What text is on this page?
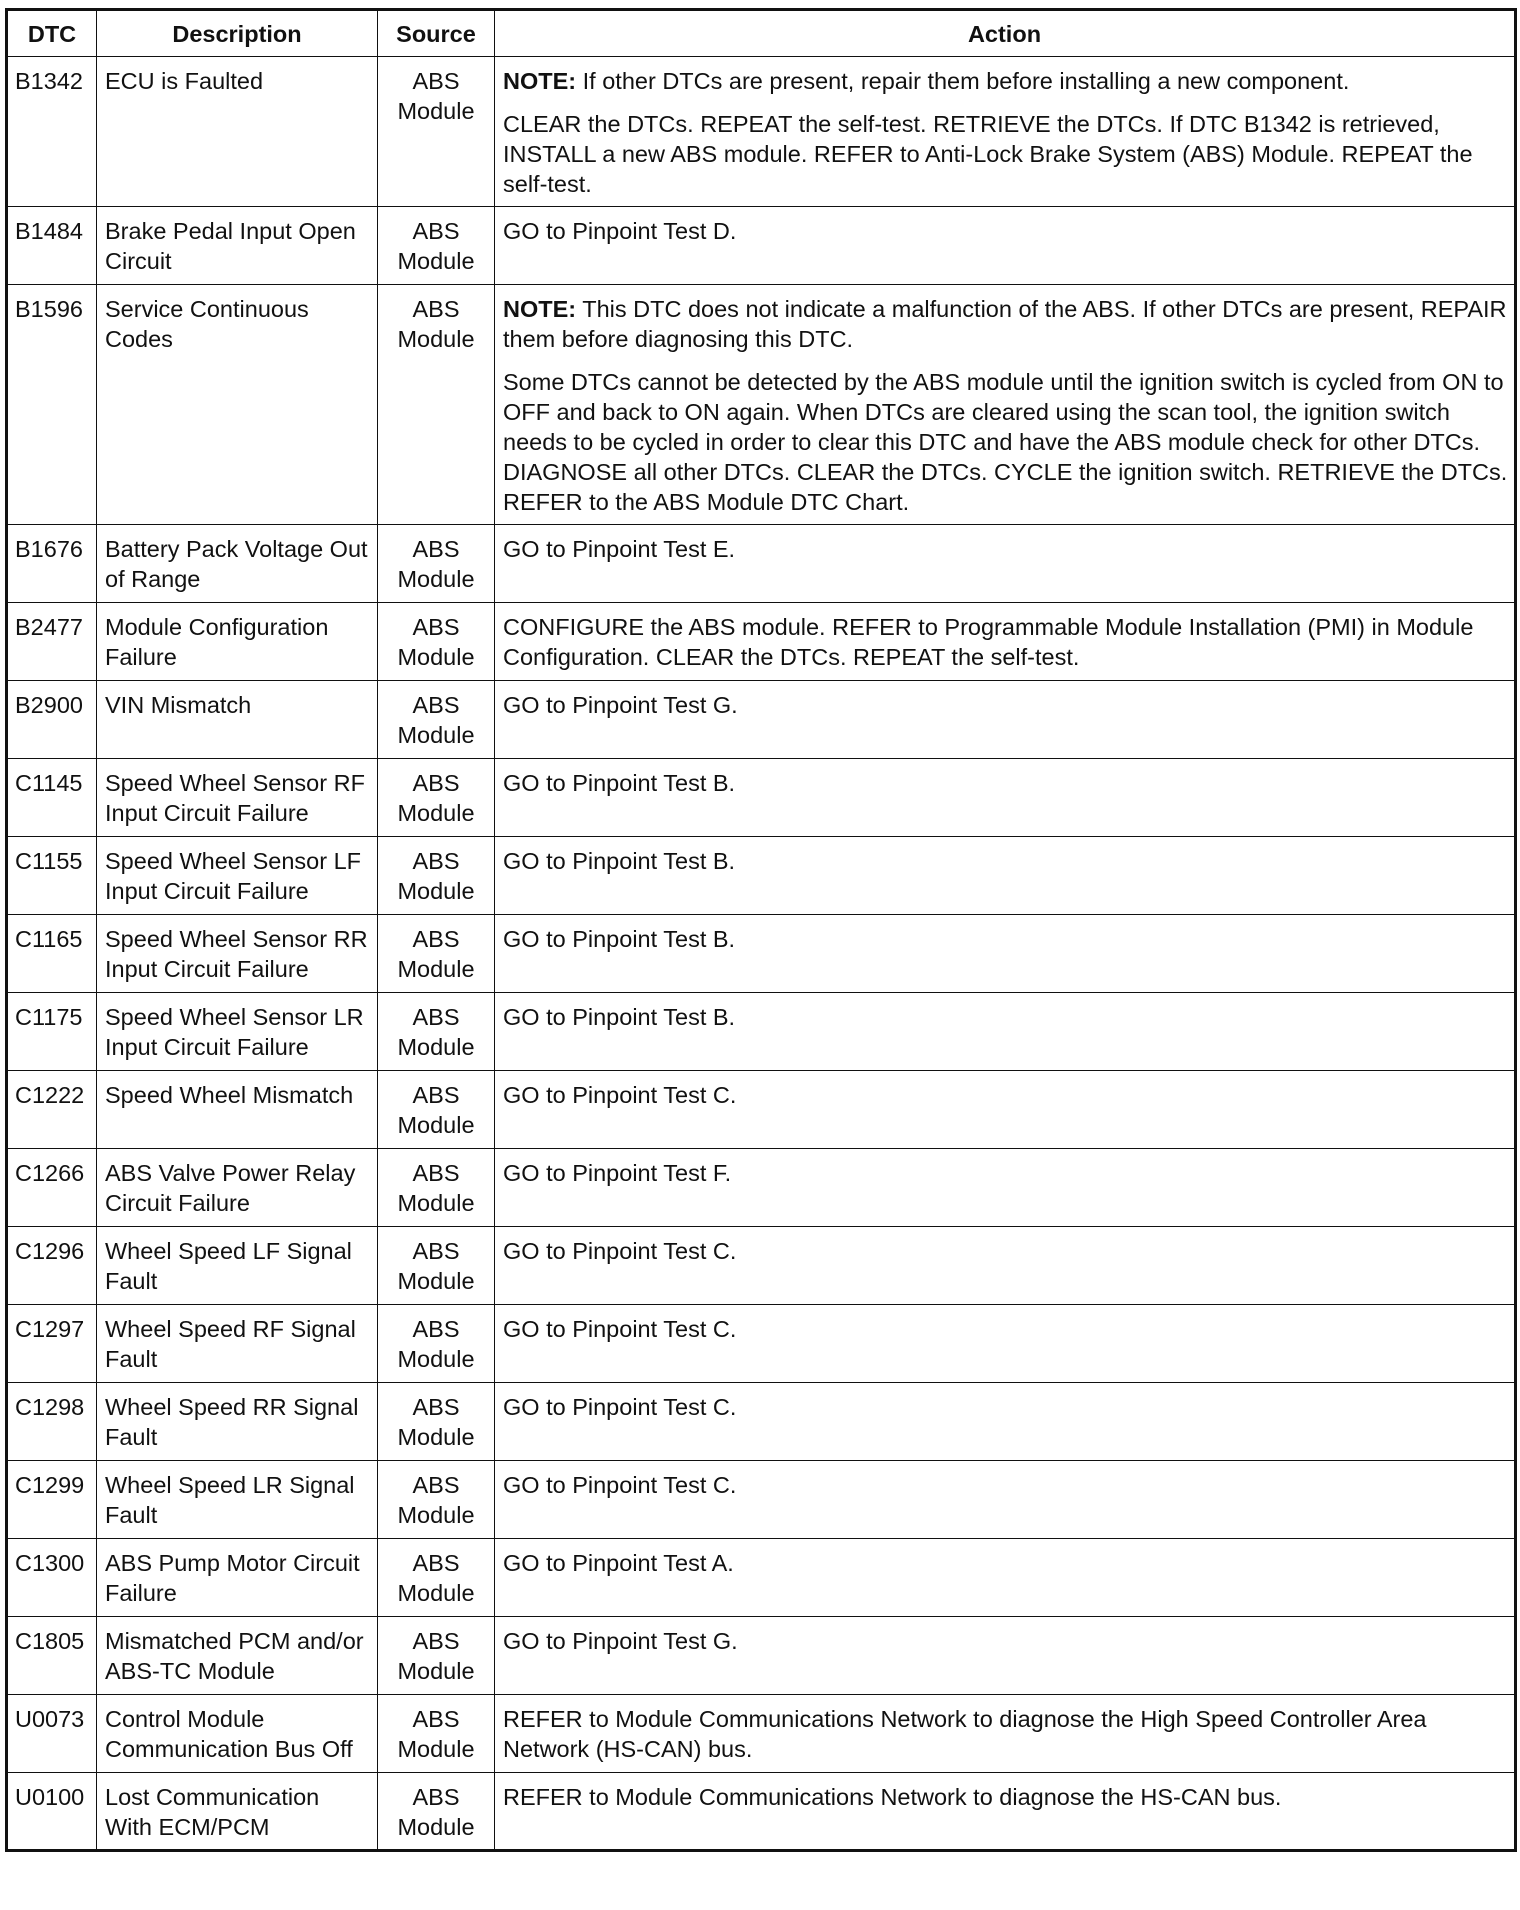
DTC	Description	Source	Action
B1342	ECU is Faulted	ABS Module	NOTE: If other DTCs are present, repair them before installing a new component.
CLEAR the DTCs. REPEAT the self-test. RETRIEVE the DTCs. If DTC B1342 is retrieved, INSTALL a new ABS module. REFER to Anti-Lock Brake System (ABS) Module. REPEAT the self-test.

B1484	Brake Pedal Input Open Circuit	ABS Module	GO to Pinpoint Test D.

B1596	Service Continuous Codes	ABS Module	NOTE: This DTC does not indicate a malfunction of the ABS. If other DTCs are present, REPAIR them before diagnosing this DTC.
Some DTCs cannot be detected by the ABS module until the ignition switch is cycled from ON to OFF and back to ON again. When DTCs are cleared using the scan tool, the ignition switch needs to be cycled in order to clear this DTC and have the ABS module check for other DTCs.
DIAGNOSE all other DTCs. CLEAR the DTCs. CYCLE the ignition switch. RETRIEVE the DTCs. REFER to the ABS Module DTC Chart.

B1676	Battery Pack Voltage Out of Range	ABS Module	GO to Pinpoint Test E.

B2477	Module Configuration Failure	ABS Module	CONFIGURE the ABS module. REFER to Programmable Module Installation (PMI) in Module Configuration. CLEAR the DTCs. REPEAT the self-test.

B2900	VIN Mismatch	ABS Module	GO to Pinpoint Test G.

C1145	Speed Wheel Sensor RF Input Circuit Failure	ABS Module	GO to Pinpoint Test B.

C1155	Speed Wheel Sensor LF Input Circuit Failure	ABS Module	GO to Pinpoint Test B.

C1165	Speed Wheel Sensor RR Input Circuit Failure	ABS Module	GO to Pinpoint Test B.

C1175	Speed Wheel Sensor LR Input Circuit Failure	ABS Module	GO to Pinpoint Test B.

C1222	Speed Wheel Mismatch	ABS Module	GO to Pinpoint Test C.

C1266	ABS Valve Power Relay Circuit Failure	ABS Module	GO to Pinpoint Test F.

C1296	Wheel Speed LF Signal Fault	ABS Module	GO to Pinpoint Test C.

C1297	Wheel Speed RF Signal Fault	ABS Module	GO to Pinpoint Test C.

C1298	Wheel Speed RR Signal Fault	ABS Module	GO to Pinpoint Test C.

C1299	Wheel Speed LR Signal Fault	ABS Module	GO to Pinpoint Test C.

C1300	ABS Pump Motor Circuit Failure	ABS Module	GO to Pinpoint Test A.

C1805	Mismatched PCM and/or ABS-TC Module	ABS Module	GO to Pinpoint Test G.

U0073	Control Module Communication Bus Off	ABS Module	REFER to Module Communications Network to diagnose the High Speed Controller Area Network (HS-CAN) bus.

U0100	Lost Communication With ECM/PCM	ABS Module	REFER to Module Communications Network to diagnose the HS-CAN bus.
